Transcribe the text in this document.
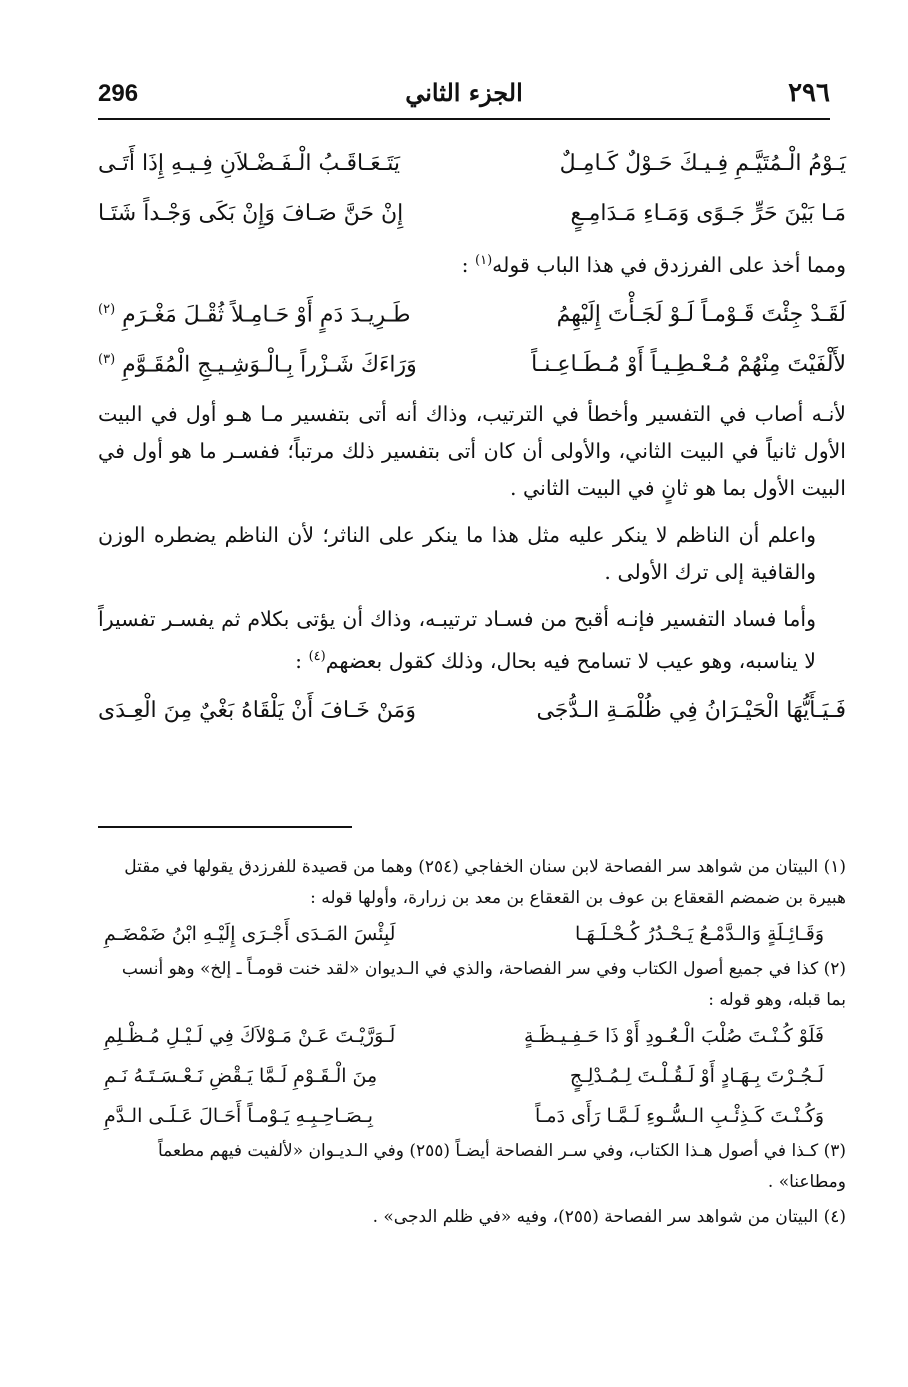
٢٩٦
الجزء الثاني
296
يَـوْمُ الْـمُتَيَّـمِ فِـيـكَ حَـوْلٌ كَـامِـلٌ
يَتَـعَـاقَـبُ الْـفَـضْـلاَنِ فِـيـهِ إِذَا أَتَـى
مَـا بَيْنَ حَرٍّ جَـوًى وَمَـاءِ مَـدَامِـعٍ
إِنْ حَنَّ صَـافَ وَإِنْ بَكَى وَجْـداً شَتَـا

ومما أخذ على الفرزدق في هذا الباب قوله$^{(١)}$ :

لَقَـدْ جِئْتَ قَـوْمـاً لَـوْ لَجَـأْتَ إِلَيْهِمُ
طَـرِيـدَ دَمٍ أَوْ حَـامِـلاً ثُقْـلَ مَغْـرَمِ $^{(٢)}$
لأَلْفَيْتَ مِنْهُمْ مُـعْـطِـيـاً أَوْ مُـطَـاعِـنـاً
وَرَاءَكَ شَـزْراً بِـالْـوَشِـيـجِ الْمُقَـوَّمِ $^{(٣)}$

لأنـه أصاب في التفسير وأخطأ في الترتيب، وذاك أنه أتى بتفسير مـا هـو أول في البيت الأول ثانياً في البيت الثاني، والأولى أن كان أتى بتفسير ذلك مرتباً؛ ففسـر ما هو أول في البيت الأول بما هو ثانٍ في البيت الثاني .

واعلم أن الناظم لا ينكر عليه مثل هذا ما ينكر على الناثر؛ لأن الناظم يضطره الوزن والقافية إلى ترك الأولى .

وأما فساد التفسير فإنـه أقبح من فسـاد ترتيبـه، وذاك أن يؤتى بكلام ثم يفسـر تفسيراً لا يناسبه، وهو عيب لا تسامح فيه بحال، وذلك كقول بعضهم$^{(٤)}$ :

فَـيَـأَيُّهَا الْحَيْـرَانُ فِي ظُلْمَـةِ الـدُّجَى
وَمَنْ خَـافَ أَنْ يَلْقَاهُ بَغْيٌ مِنَ الْعِـدَى
(١) البيتان من شواهد سر الفصاحة لابن سنان الخفاجي (٢٥٤) وهما من قصيدة للفرزدق يقولها في مقتل هبيرة بن ضمضم القعقاع بن عوف بن القعقاع بن معد بن زرارة، وأولها قوله :
وَقَـائِـلَةٍ وَالـدَّمْـعُ يَـحْـدُرُ كُـحْـلَـهَـا
لَبِئْسَ المَـدَى أَجْـرَى إِلَيْـهِ ابْنُ ضَمْضَـمِ
(٢) كذا في جميع أصول الكتاب وفي سر الفصاحة، والذي في الـديوان «لقد خنت قومـاً ـ إلخ» وهو أنسب بما قبله، وهو قوله :
فَلَوْ كُـنْـتَ صُلْبَ الْـعُـودِ أَوْ ذَا حَـفِـيـظَـةٍ
لَـوَرَّيْـتَ عَـنْ مَـوْلاَكَ فِي لَـيْـلِ مُـظْـلِمِ
لَـجُـرْتَ بِـهَـادٍ أَوْ لَـقُـلْـتَ لِـمُـدْلِـجٍ
مِنَ الْـقَـوْمِ لَـمَّا يَـقْضِ نَـعْـسَـتَـهُ نَـمِ
وَكُـنْـتَ كَـذِئْـبِ الـسُّـوءِ لَـمَّـا رَأَى دَمـاً
بِـصَـاحِـبِـهِ يَـوْمـاً أَحَـالَ عَـلَـى الـدَّمِ
(٣) كـذا في أصول هـذا الكتاب، وفي سـر الفصاحة أيضـاً (٢٥٥) وفي الـديـوان «لألفيت فيهم مطعماً ومطاعنا» .
(٤) البيتان من شواهد سر الفصاحة (٢٥٥)، وفيه «في ظلم الدجى» .
